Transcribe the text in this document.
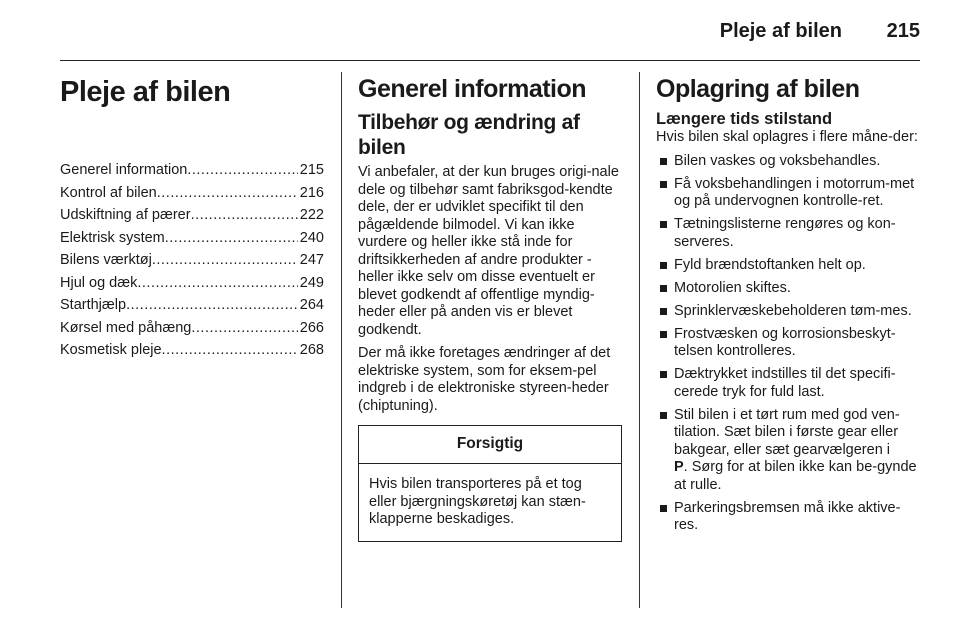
Pleje af bilen 215
Pleje af bilen
Generel information .....	215
Kontrol af bilen .....	216
Udskiftning af pærer .....	222
Elektrisk system .....	240
Bilens værktøj .....	247
Hjul og dæk .....	249
Starthjælp .....	264
Kørsel med påhæng .....	266
Kosmetisk pleje .....	268
Generel information
Tilbehør og ændring af bilen

Vi anbefaler, at der kun bruges origi-nale dele og tilbehør samt fabriksgod-kendte dele, der er udviklet specifikt til den pågældende bilmodel. Vi kan ikke vurdere og heller ikke stå inde for driftsikkerheden af andre produkter - heller ikke selv om disse eventuelt er blevet godkendt af offentlige myndig-heder eller på anden vis er blevet godkendt.

Der må ikke foretages ændringer af det elektriske system, som for eksem-pel indgreb i de elektroniske styreen-heder (chiptuning).

Forsigtig
Hvis bilen transporteres på et tog eller bjærgningskøretøj kan stæn-klapperne beskadiges.
Oplagring af bilen
Længere tids stilstand

Hvis bilen skal oplagres i flere måne-der:

Bilen vaskes og voksbehandles.
Få voksbehandlingen i motorrum-met og på undervognen kontrolle-ret.
Tætningslisterne rengøres og kon-serveres.
Fyld brændstoftanken helt op.
Motorolien skiftes.
Sprinklervæskebeholderen tøm-mes.
Frostvæsken og korrosionsbeskyt-telsen kontrolleres.
Dæktrykket indstilles til det specifi-cerede tryk for fuld last.
Stil bilen i et tørt rum med god ven-tilation. Sæt bilen i første gear eller bakgear, eller sæt gearvælgeren i
P. Sørg for at bilen ikke kan be-gynde at rulle.
Parkeringsbremsen må ikke aktive-res.
